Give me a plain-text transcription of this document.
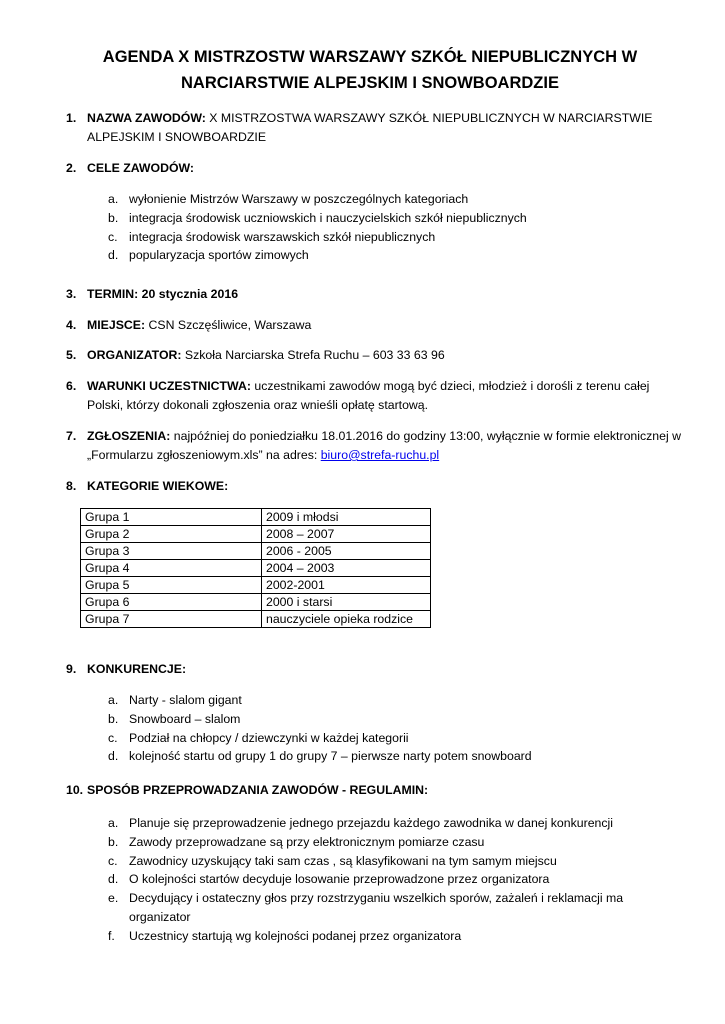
AGENDA X MISTRZOSTW WARSZAWY SZKÓŁ NIEPUBLICZNYCH W
NARCIARSTWIE ALPEJSKIM I SNOWBOARDZIE
1. NAZWA ZAWODÓW: X MISTRZOSTWA WARSZAWY SZKÓŁ NIEPUBLICZNYCH W NARCIARSTWIE ALPEJSKIM I SNOWBOARDZIE
2. CELE ZAWODÓW:
a. wyłonienie Mistrzów Warszawy w poszczególnych kategoriach
b. integracja środowisk uczniowskich i nauczycielskich szkół niepublicznych
c. integracja środowisk warszawskich szkół niepublicznych
d. popularyzacja sportów zimowych
3. TERMIN: 20 stycznia 2016
4. MIEJSCE: CSN Szczęśliwice, Warszawa
5. ORGANIZATOR: Szkoła Narciarska Strefa Ruchu – 603 33 63 96
6. WARUNKI UCZESTNICTWA: uczestnikami zawodów mogą być dzieci, młodzież i dorośli z terenu całej Polski, którzy dokonali zgłoszenia oraz wnieśli opłatę startową.
7. ZGŁOSZENIA: najpóźniej do poniedziałku 18.01.2016 do godziny 13:00, wyłącznie w formie elektronicznej w „Formularzu zgłoszeniowym.xls” na adres: biuro@strefa-ruchu.pl
8. KATEGORIE WIEKOWE:
Grupa 1	2009 i młodsi
Grupa 2	2008 – 2007
Grupa 3	2006 - 2005
Grupa 4	2004 – 2003
Grupa 5	2002-2001
Grupa 6	2000 i starsi
Grupa 7	nauczyciele opieka rodzice
9. KONKURENCJE:
a. Narty - slalom gigant
b. Snowboard – slalom
c. Podział na chłopcy / dziewczynki w każdej kategorii
d. kolejność startu od grupy 1 do grupy 7 – pierwsze narty potem snowboard
10. SPOSÓB PRZEPROWADZANIA ZAWODÓW - REGULAMIN:
a. Planuje się przeprowadzenie jednego przejazdu każdego zawodnika w danej konkurencji
b. Zawody przeprowadzane są przy elektronicznym pomiarze czasu
c. Zawodnicy uzyskujący taki sam czas , są klasyfikowani na tym samym miejscu
d. O kolejności startów decyduje losowanie przeprowadzone przez organizatora
e. Decydujący i ostateczny głos przy rozstrzyganiu wszelkich sporów, zażaleń i reklamacji ma organizator
f. Uczestnicy startują wg kolejności podanej przez organizatora
